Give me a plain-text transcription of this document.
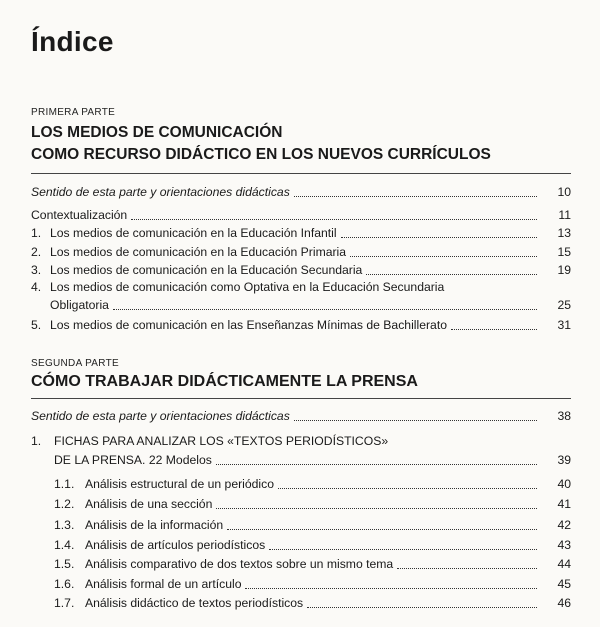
Índice

PRIMERA PARTE

LOS MEDIOS DE COMUNICACIÓN
COMO RECURSO DIDÁCTICO EN LOS NUEVOS CURRÍCULOS
Sentido de esta parte y orientaciones didácticas	10
Contextualización	11
1. Los medios de comunicación en la Educación Infantil	13
2. Los medios de comunicación en la Educación Primaria	15
3. Los medios de comunicación en la Educación Secundaria	19
4. Los medios de comunicación como Optativa en la Educación Secundaria
Obligatoria	25
5. Los medios de comunicación en las Enseñanzas Mínimas de Bachillerato	31

SEGUNDA PARTE

CÓMO TRABAJAR DIDÁCTICAMENTE LA PRENSA
Sentido de esta parte y orientaciones didácticas	38
1. FICHAS PARA ANALIZAR LOS «TEXTOS PERIODÍSTICOS»
DE LA PRENSA. 22 Modelos	39
1.1. Análisis estructural de un periódico	40
1.2. Análisis de una sección	41
1.3. Análisis de la información	42
1.4. Análisis de artículos periodísticos	43
1.5. Análisis comparativo de dos textos sobre un mismo tema	44
1.6. Análisis formal de un artículo	45
1.7. Análisis didáctico de textos periodísticos	46
